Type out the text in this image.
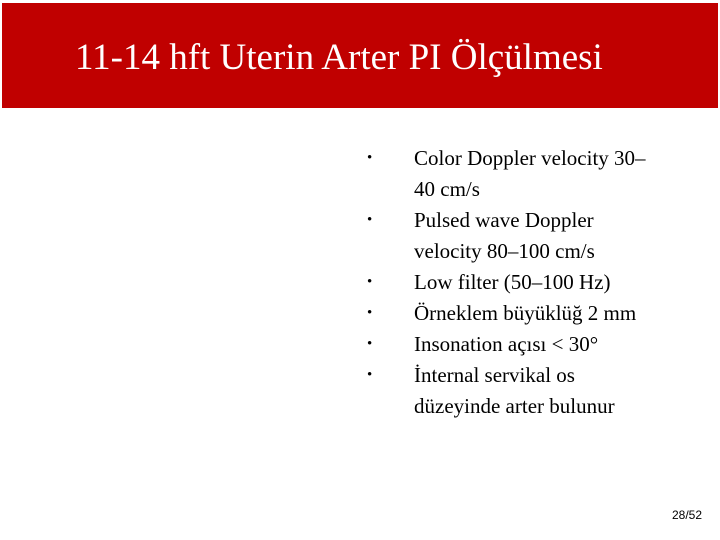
11-14 hft Uterin Arter PI Ölçülmesi
• Color Doppler velocity 30–
40 cm/s
• Pulsed wave Doppler
velocity 80–100 cm/s
• Low filter (50–100 Hz)
• Örneklem büyüklüğ 2 mm
• Insonation açısı < 30°
• İnternal servikal os
düzeyinde arter bulunur
28/52
